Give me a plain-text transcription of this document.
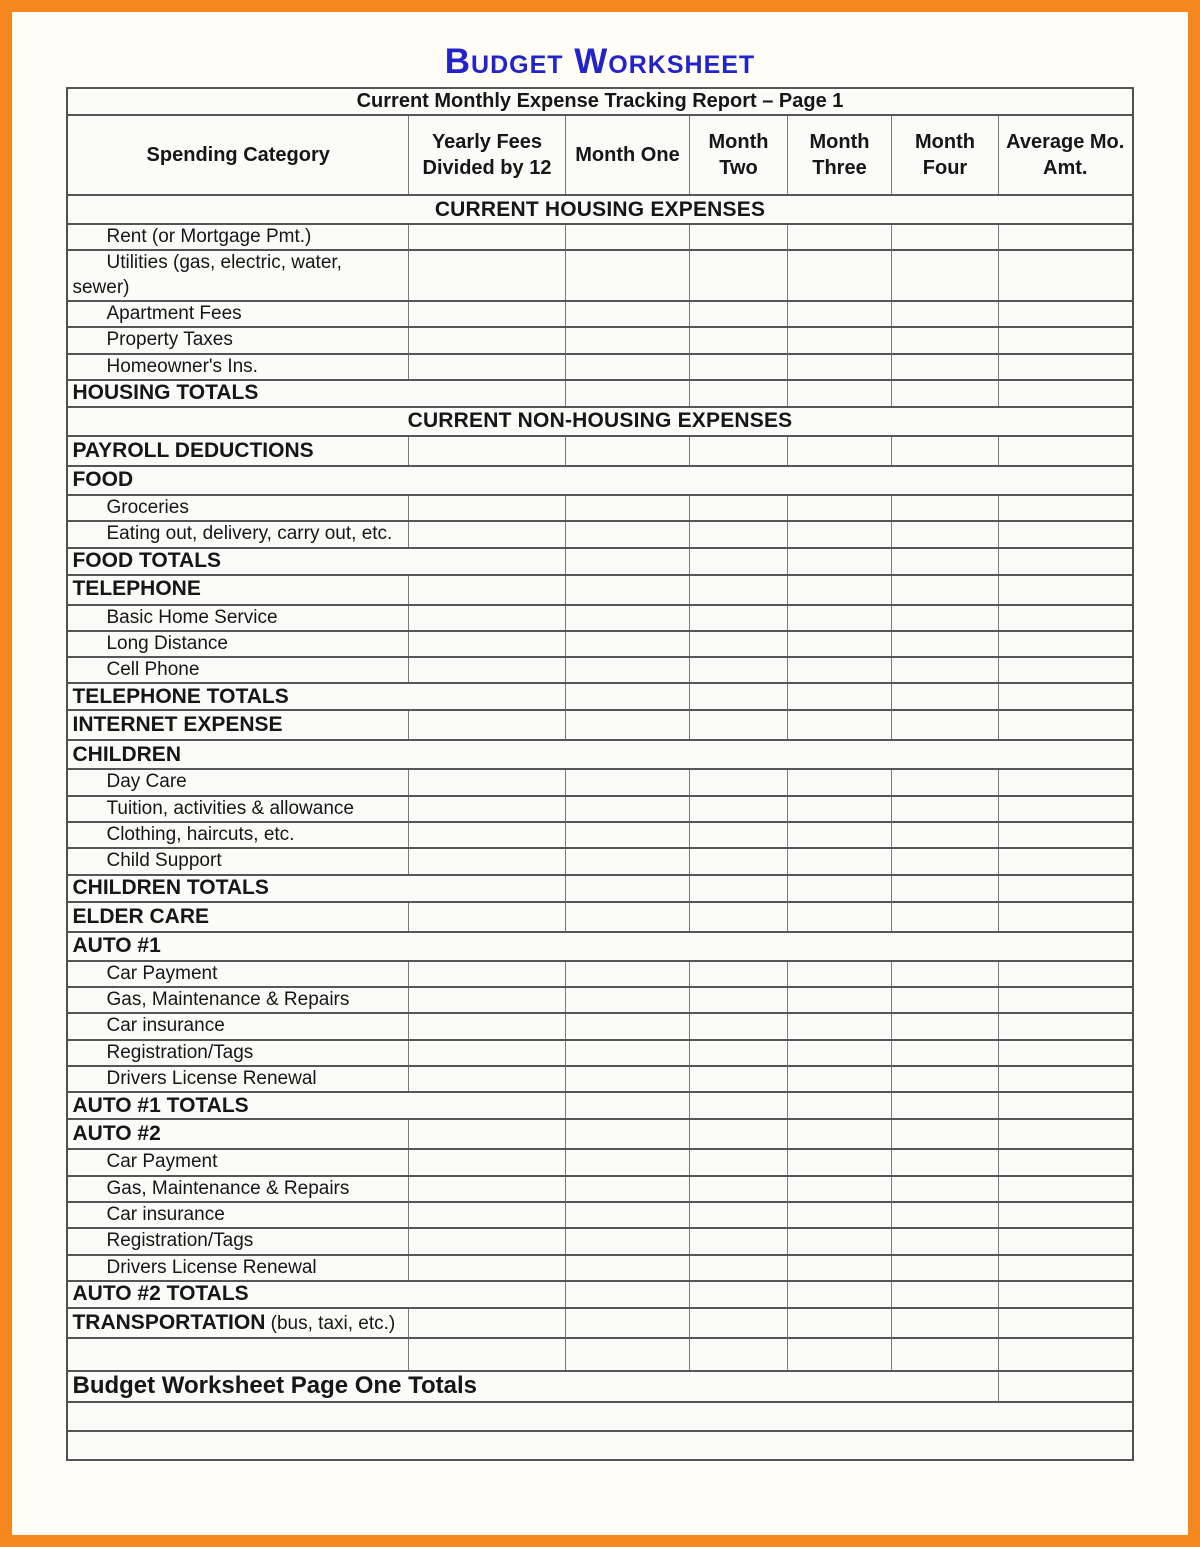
Budget Worksheet
Current Monthly Expense Tracking Report – Page 1						
Spending Category	Yearly Fees Divided by 12	Month One	Month Two	Month Three	Month Four	Average Mo. Amt.
CURRENT HOUSING EXPENSES						
Rent (or Mortgage Pmt.)						
Utilities (gas, electric, water, sewer)						
Apartment Fees						
Property Taxes						
Homeowner's Ins.						
HOUSING TOTALS						
CURRENT NON-HOUSING EXPENSES						
PAYROLL DEDUCTIONS						
FOOD						
Groceries						
Eating out, delivery, carry out, etc.						
FOOD TOTALS						
TELEPHONE						
Basic Home Service						
Long Distance						
Cell Phone						
TELEPHONE TOTALS						
INTERNET EXPENSE						
CHILDREN						
Day Care						
Tuition, activities & allowance						
Clothing, haircuts, etc.						
Child Support						
CHILDREN TOTALS						
ELDER CARE						
AUTO #1						
Car Payment						
Gas, Maintenance & Repairs						
Car insurance						
Registration/Tags						
Drivers License Renewal						
AUTO #1 TOTALS						
AUTO #2						
Car Payment						
Gas, Maintenance & Repairs						
Car insurance						
Registration/Tags						
Drivers License Renewal						
AUTO #2 TOTALS						
TRANSPORTATION (bus, taxi, etc.)						

Budget Worksheet Page One Totals						
